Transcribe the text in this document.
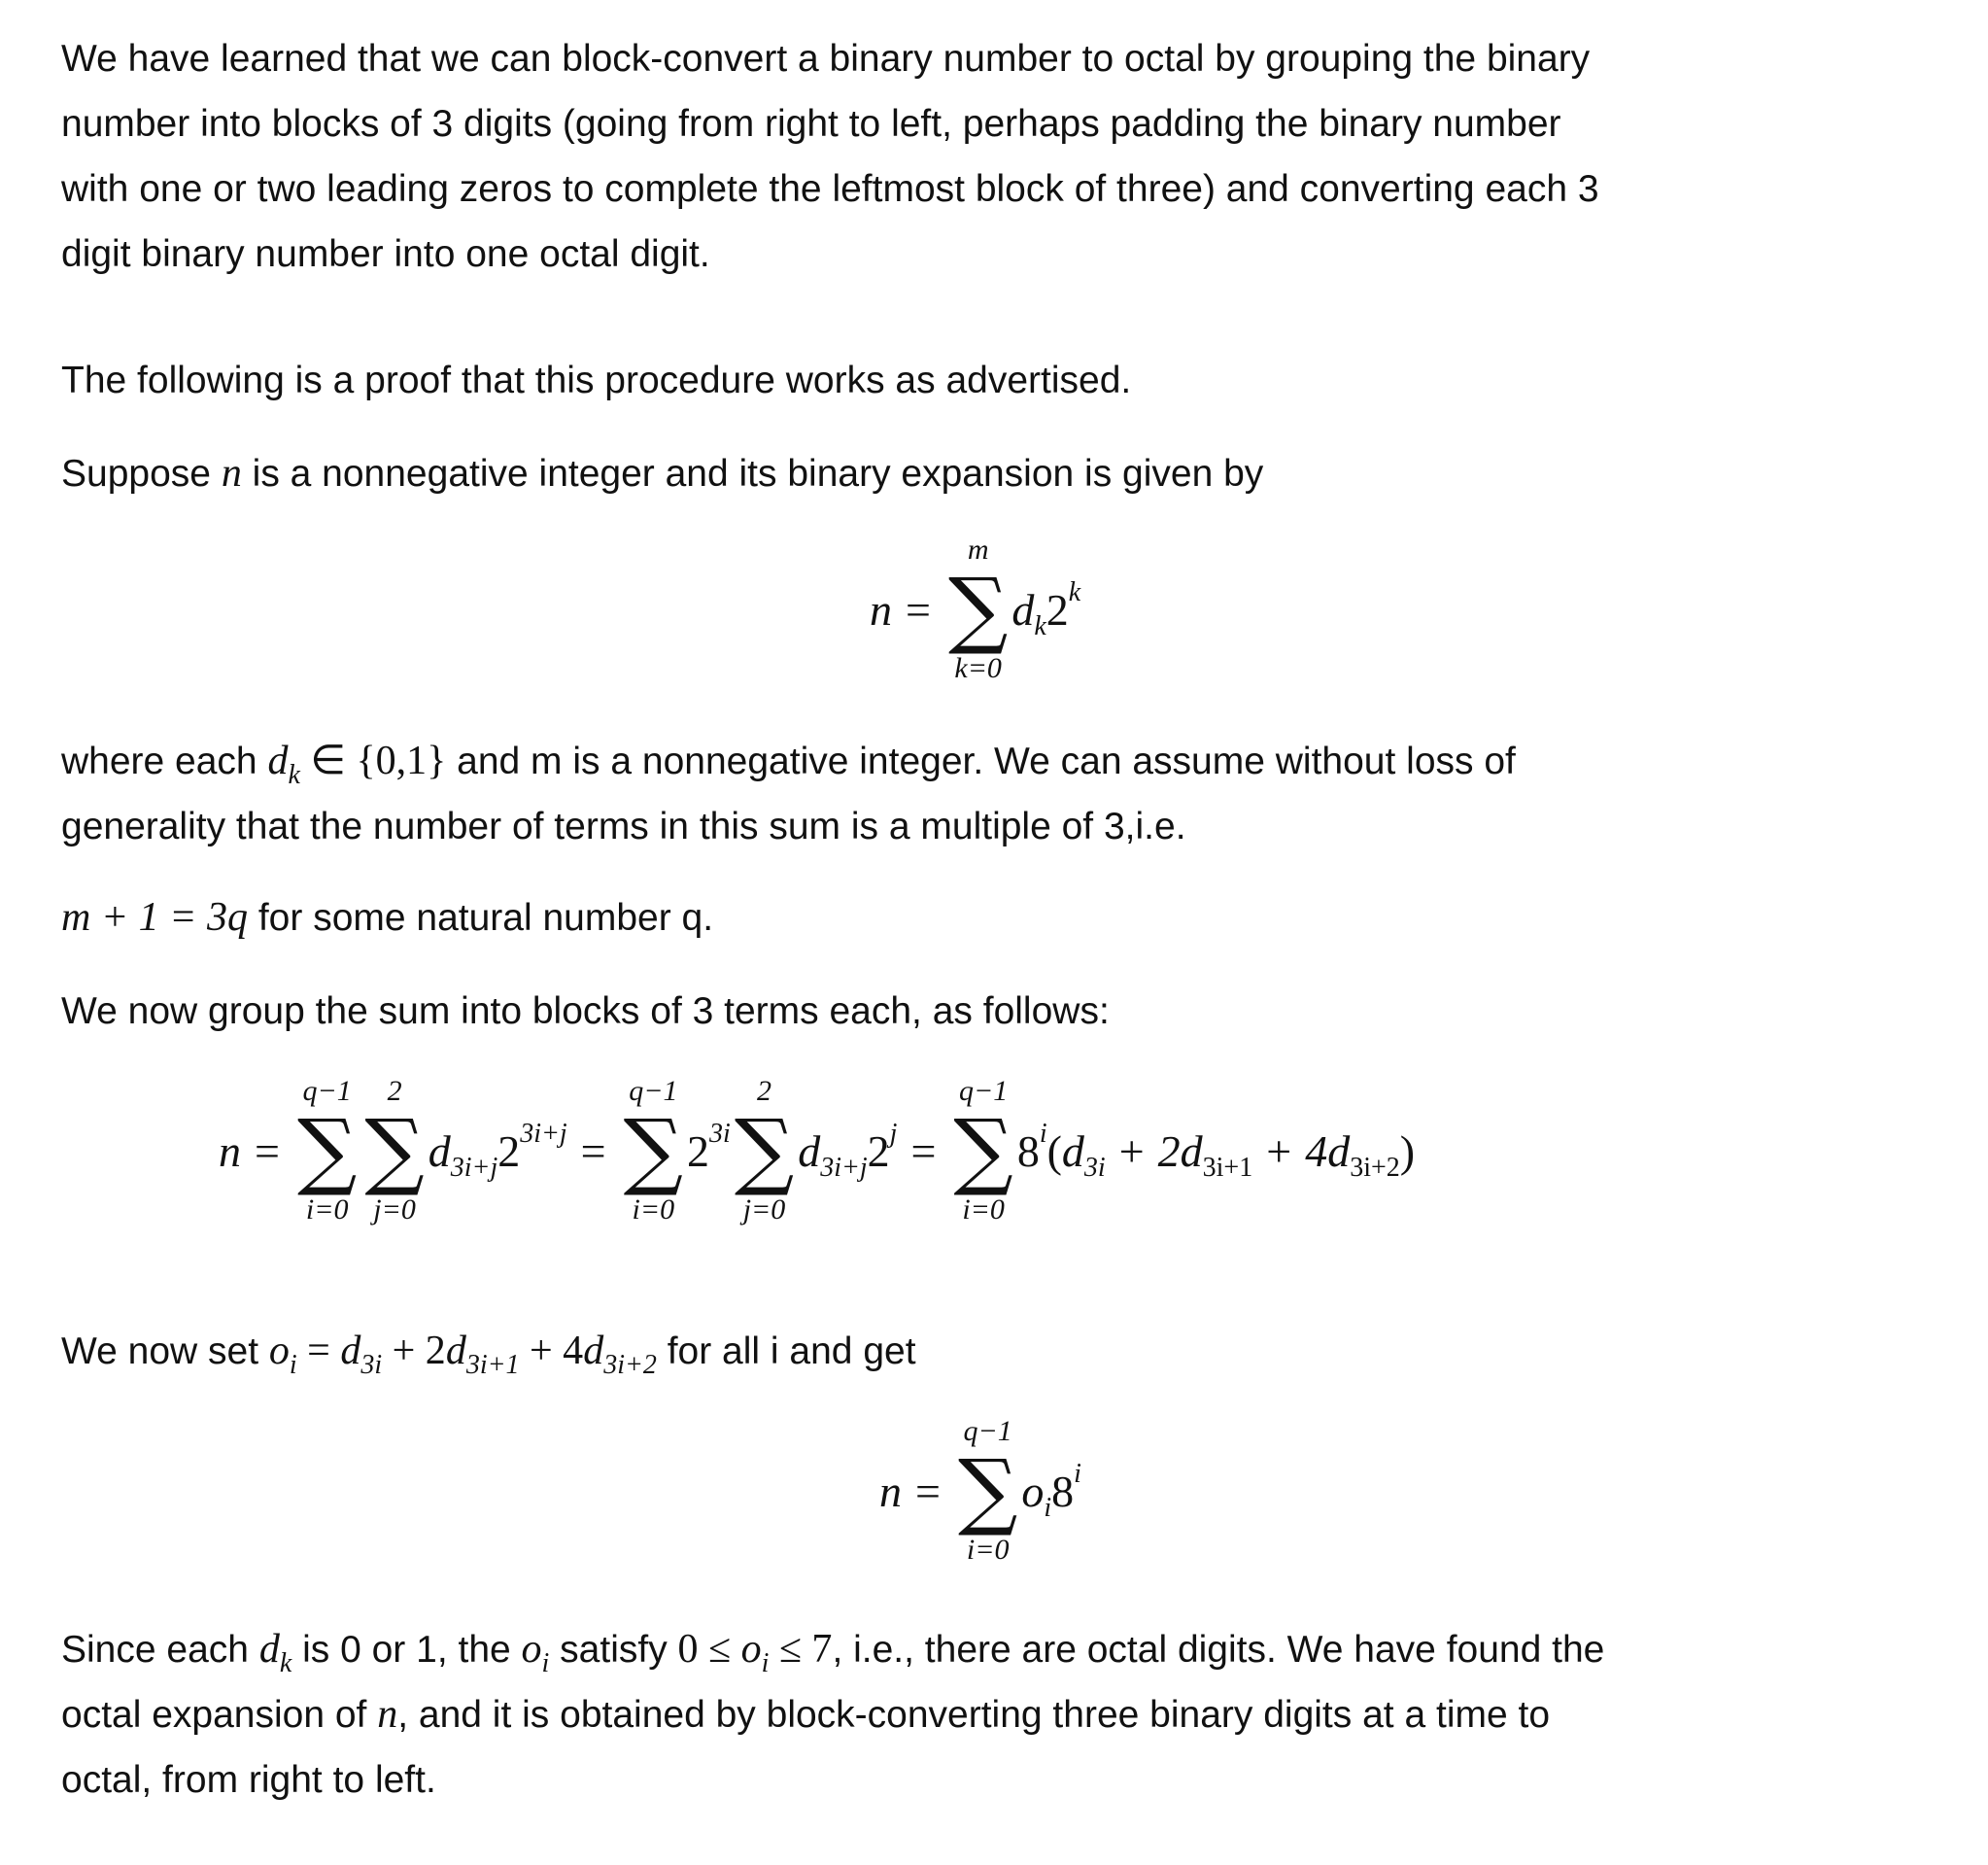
We have learned that we can block-convert a binary number to octal by grouping the binary
number into blocks of 3 digits (going from right to left, perhaps padding the binary number
with one or two leading zeros to complete the leftmost block of three) and converting each 3
digit binary number into one octal digit.
The following is a proof that this procedure works as advertised.
Suppose n is a nonnegative integer and its binary expansion is given by
n =
m
∑
k=0
$d_k2^k$
where each $d_k$ ∈ {0,1} and m is a nonnegative integer. We can assume without loss of
generality that the number of terms in this sum is a multiple of 3,i.e.
m + 1 = 3q for some natural number q.
We now group the sum into blocks of 3 terms each, as follows:
n =
q−1
∑
i=0
2
∑
j=0
$d_{3i+j}2^{3i+j}$ =
q−1
∑
i=0
$2^{3i}$
2
∑
j=0
$d_{3i+j}2^j$ =
q−1
∑
i=0
$8^i(d_{3i} + 2d_{3i+1} + 4d_{3i+2})$
We now set $o_i = d_{3i} + 2d_{3i+1} + 4d_{3i+2}$ for all i and get
n =
q−1
∑
i=0
$o_i8^i$
Since each $d_k$ is 0 or 1, the $o_i$ satisfy $0 \le o_i \le 7$, i.e., there are octal digits. We have found the
octal expansion of n, and it is obtained by block-converting three binary digits at a time to
octal, from right to left.
